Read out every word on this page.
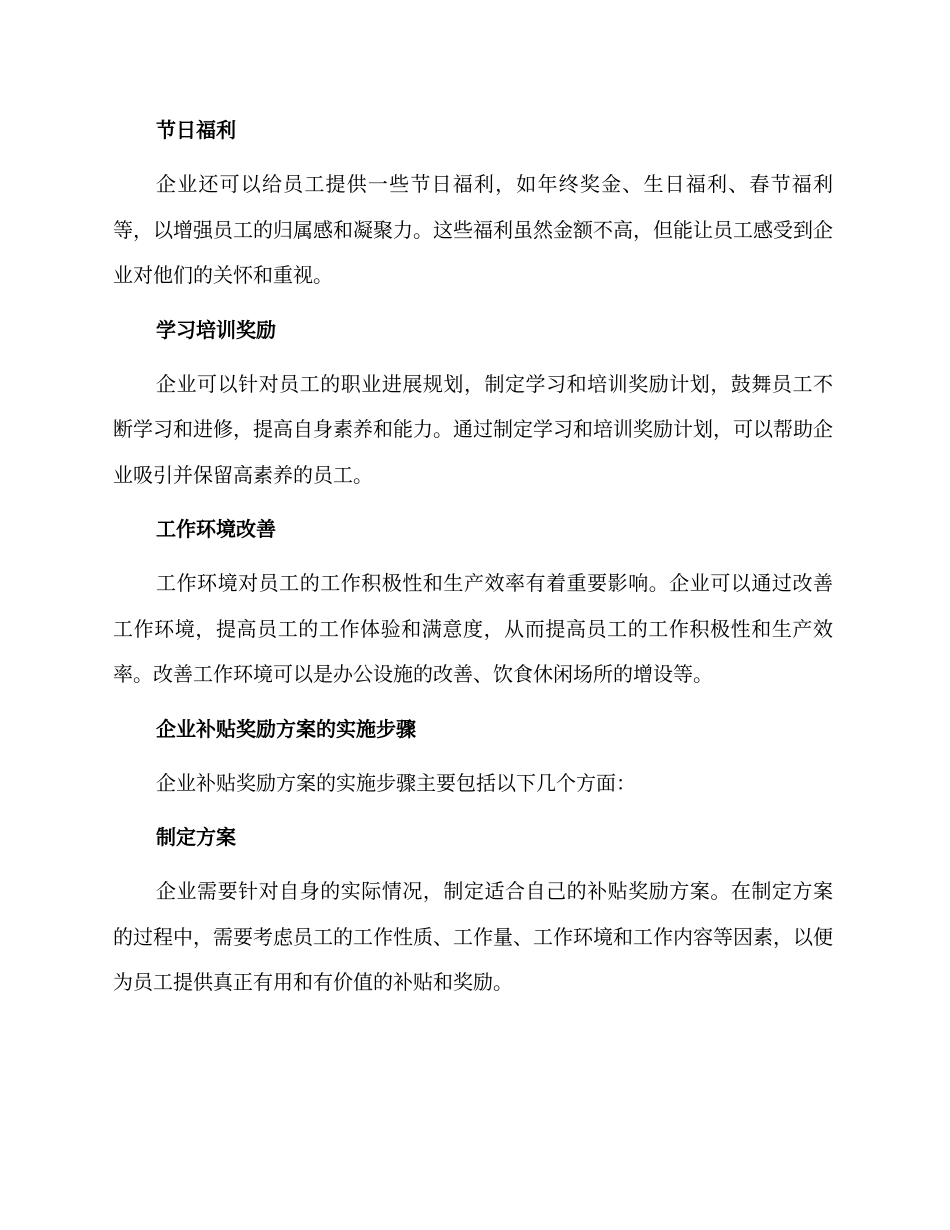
节日福利

企业还可以给员工提供一些节日福利，如年终奖金、生日福利、春节福利等，以增强员工的归属感和凝聚力。这些福利虽然金额不高，但能让员工感受到企业对他们的关怀和重视。

学习培训奖励

企业可以针对员工的职业进展规划，制定学习和培训奖励计划，鼓舞员工不断学习和进修，提高自身素养和能力。通过制定学习和培训奖励计划，可以帮助企业吸引并保留高素养的员工。

工作环境改善

工作环境对员工的工作积极性和生产效率有着重要影响。企业可以通过改善工作环境，提高员工的工作体验和满意度，从而提高员工的工作积极性和生产效率。改善工作环境可以是办公设施的改善、饮食休闲场所的增设等。

企业补贴奖励方案的实施步骤

企业补贴奖励方案的实施步骤主要包括以下几个方面：

制定方案

企业需要针对自身的实际情况，制定适合自己的补贴奖励方案。在制定方案的过程中，需要考虑员工的工作性质、工作量、工作环境和工作内容等因素，以便为员工提供真正有用和有价值的补贴和奖励。
